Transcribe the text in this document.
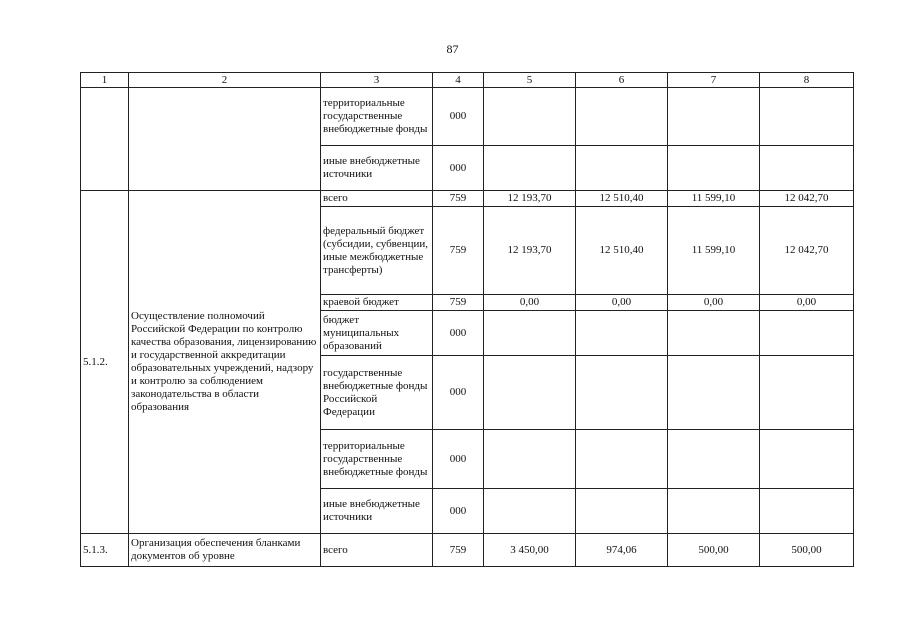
87
1	2	3	4	5	6	7	8
		территориальные государственные внебюджетные фонды	000				
		иные внебюджетные источники	000				
5.1.2.	Осуществление полномочий Российской Федерации по контролю качества образования, лицензированию и государственной аккредитации образовательных учреждений, надзору и контролю за соблюдением законодательства в области образования	всего	759	12 193,70	12 510,40	11 599,10	12 042,70
		федеральный бюджет (субсидии, субвенции, иные межбюджетные трансферты)	759	12 193,70	12 510,40	11 599,10	12 042,70
		краевой бюджет	759	0,00	0,00	0,00	0,00
		бюджет муниципальных образований	000				
		государственные внебюджетные фонды Российской Федерации	000				
		территориальные государственные внебюджетные фонды	000				
		иные внебюджетные источники	000				
5.1.3.	Организация обеспечения бланками документов об уровне	всего	759	3 450,00	974,06	500,00	500,00
